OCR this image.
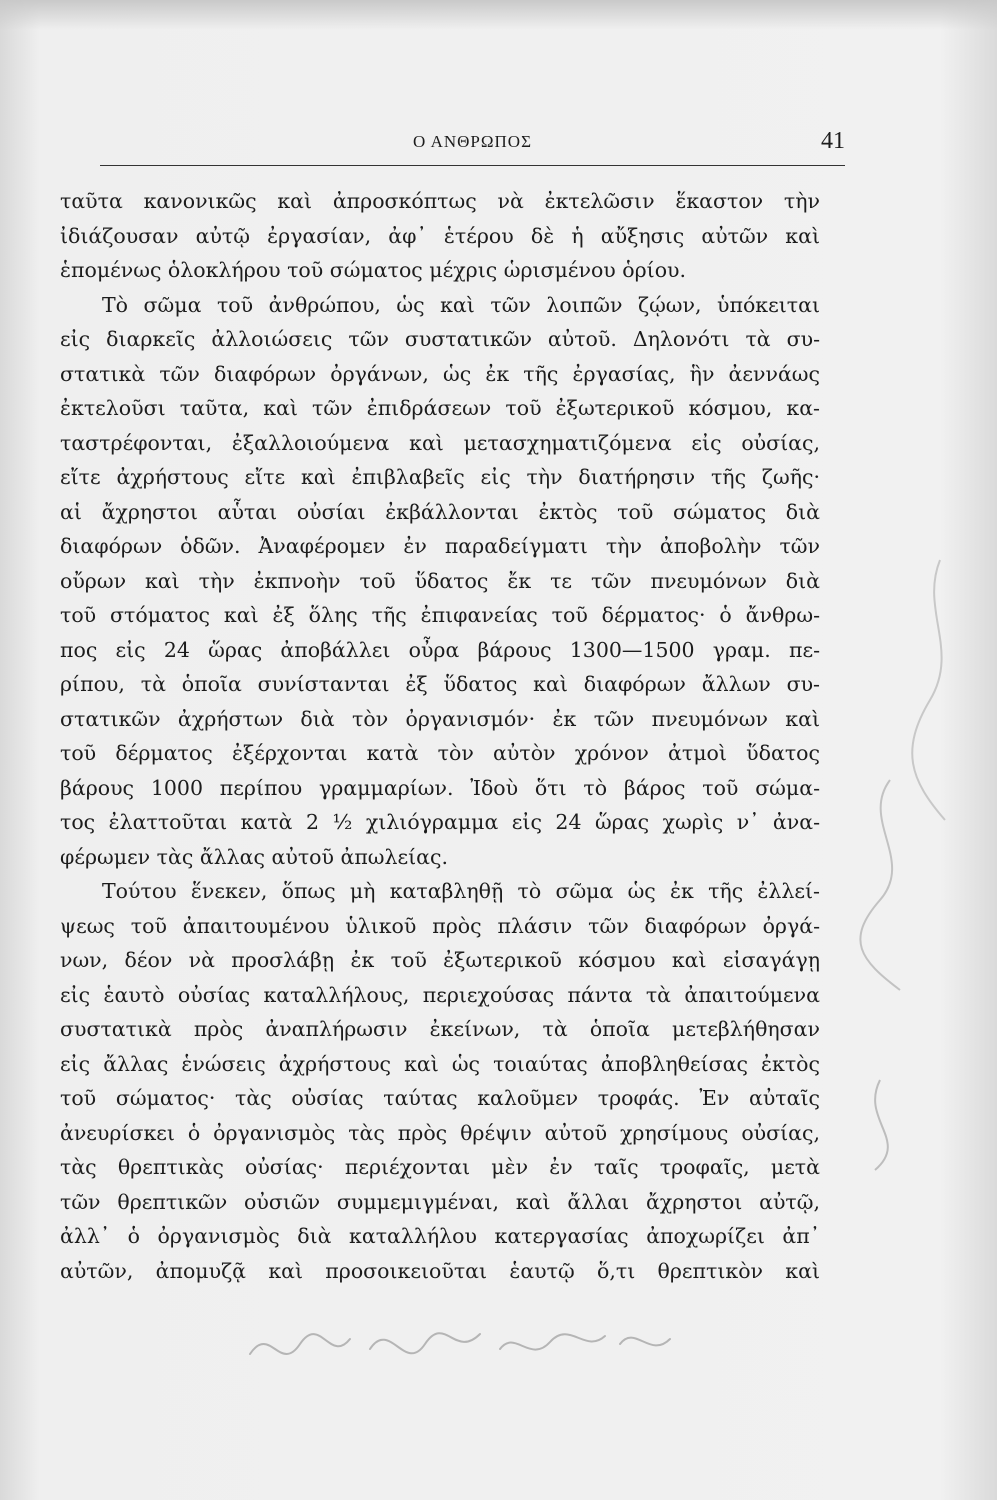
Ο ΑΝΘΡΩΠΟΣ	41
ταῦτα κανονικῶς καὶ ἀπροσκόπτως νὰ ἐκτελῶσιν ἕκαστον τὴν
ἰδιάζουσαν αὐτῷ ἐργασίαν, ἀφ᾽ ἑτέρου δὲ ἡ αὔξησις αὐτῶν καὶ
ἑπομένως ὁλοκλήρου τοῦ σώματος μέχρις ὡρισμένου ὁρίου.
Τὸ σῶμα τοῦ ἀνθρώπου, ὡς καὶ τῶν λοιπῶν ζῴων, ὑπόκειται
εἰς διαρκεῖς ἀλλοιώσεις τῶν συστατικῶν αὐτοῦ. Δηλονότι τὰ συ-
στατικὰ τῶν διαφόρων ὀργάνων, ὡς ἐκ τῆς ἐργασίας, ἣν ἀεννάως
ἐκτελοῦσι ταῦτα, καὶ τῶν ἐπιδράσεων τοῦ ἐξωτερικοῦ κόσμου, κα-
ταστρέφονται, ἐξαλλοιούμενα καὶ μετασχηματιζόμενα εἰς οὐσίας,
εἴτε ἀχρήστους εἴτε καὶ ἐπιβλαβεῖς εἰς τὴν διατήρησιν τῆς ζωῆς·
αἱ ἄχρηστοι αὗται οὐσίαι ἐκβάλλονται ἐκτὸς τοῦ σώματος διὰ
διαφόρων ὁδῶν. Ἀναφέρομεν ἐν παραδείγματι τὴν ἀποβολὴν τῶν
οὔρων καὶ τὴν ἐκπνοὴν τοῦ ὕδατος ἔκ τε τῶν πνευμόνων διὰ
τοῦ στόματος καὶ ἐξ ὅλης τῆς ἐπιφανείας τοῦ δέρματος· ὁ ἄνθρω-
πος εἰς 24 ὥρας ἀποβάλλει οὖρα βάρους 1300—1500 γραμ. πε-
ρίπου, τὰ ὁποῖα συνίστανται ἐξ ὕδατος καὶ διαφόρων ἄλλων συ-
στατικῶν ἀχρήστων διὰ τὸν ὀργανισμόν· ἐκ τῶν πνευμόνων καὶ
τοῦ δέρματος ἐξέρχονται κατὰ τὸν αὐτὸν χρόνον ἀτμοὶ ὕδατος
βάρους 1000 περίπου γραμμαρίων. Ἰδοὺ ὅτι τὸ βάρος τοῦ σώμα-
τος ἐλαττοῦται κατὰ 2 ½ χιλιόγραμμα εἰς 24 ὥρας χωρὶς ν᾽ ἀνα-
φέρωμεν τὰς ἄλλας αὐτοῦ ἀπωλείας.
Τούτου ἕνεκεν, ὅπως μὴ καταβληθῇ τὸ σῶμα ὡς ἐκ τῆς ἐλλεί-
ψεως τοῦ ἀπαιτουμένου ὑλικοῦ πρὸς πλάσιν τῶν διαφόρων ὀργά-
νων, δέον νὰ προσλάβῃ ἐκ τοῦ ἐξωτερικοῦ κόσμου καὶ εἰσαγάγῃ
εἰς ἑαυτὸ οὐσίας καταλλήλους, περιεχούσας πάντα τὰ ἀπαιτούμενα
συστατικὰ πρὸς ἀναπλήρωσιν ἐκείνων, τὰ ὁποῖα μετεβλήθησαν
εἰς ἄλλας ἑνώσεις ἀχρήστους καὶ ὡς τοιαύτας ἀποβληθείσας ἐκτὸς
τοῦ σώματος· τὰς οὐσίας ταύτας καλοῦμεν τροφάς. Ἐν αὐταῖς
ἀνευρίσκει ὁ ὀργανισμὸς τὰς πρὸς θρέψιν αὐτοῦ χρησίμους οὐσίας,
τὰς θρεπτικὰς οὐσίας· περιέχονται μὲν ἐν ταῖς τροφαῖς, μετὰ
τῶν θρεπτικῶν οὐσιῶν συμμεμιγμέναι, καὶ ἄλλαι ἄχρηστοι αὐτῷ,
ἀλλ᾽ ὁ ὀργανισμὸς διὰ καταλλήλου κατεργασίας ἀποχωρίζει ἀπ᾽
αὐτῶν, ἀπομυζᾷ καὶ προσοικειοῦται ἑαυτῷ ὅ,τι θρεπτικὸν καὶ
